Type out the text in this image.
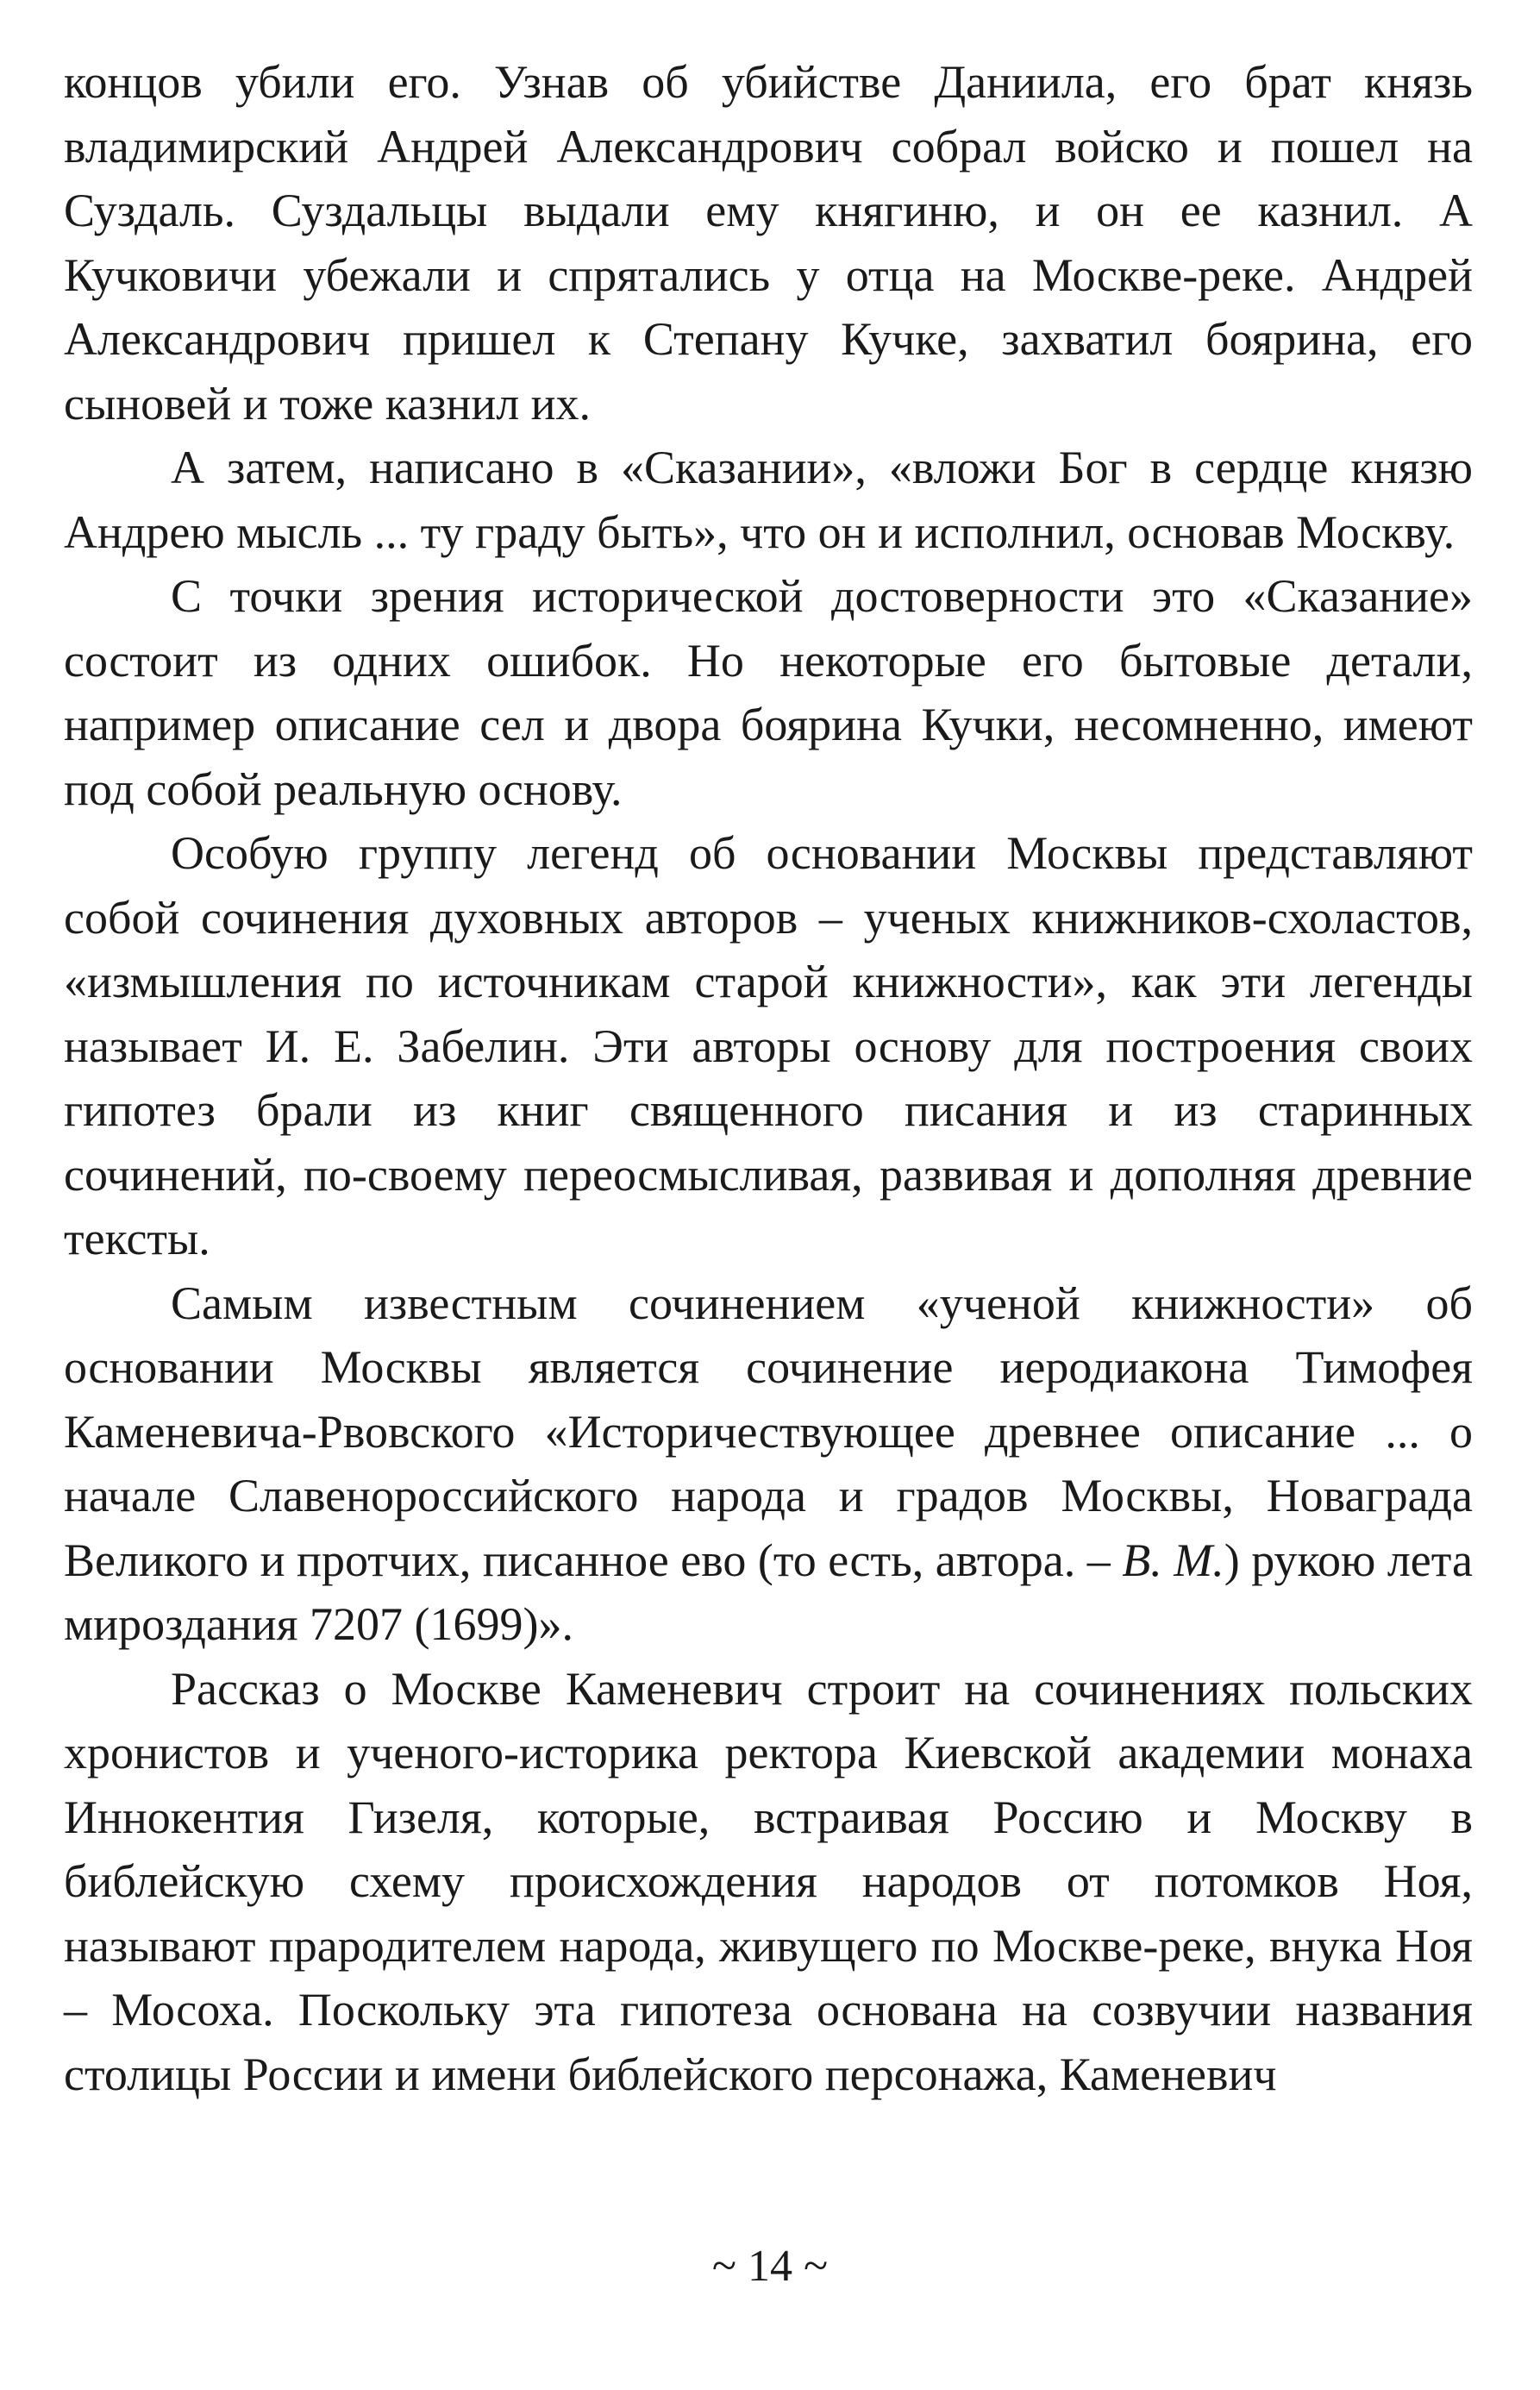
концов убили его. Узнав об убийстве Даниила, его брат князь владимирский Андрей Александрович собрал войско и пошел на Суздаль. Суздальцы выдали ему княгиню, и он ее казнил. А Кучковичи убежали и спрятались у отца на Москве-реке. Андрей Александрович пришел к Степану Кучке, захватил боярина, его сыновей и тоже казнил их.

А затем, написано в «Сказании», «вложи Бог в сердце князю Андрею мысль ... ту граду быть», что он и исполнил, основав Москву.

С точки зрения исторической достоверности это «Сказание» состоит из одних ошибок. Но некоторые его бытовые детали, например описание сел и двора боярина Кучки, несомненно, имеют под собой реальную основу.

Особую группу легенд об основании Москвы представляют собой сочинения духовных авторов – ученых книжников-схоластов, «измышления по источникам старой книжности», как эти легенды называет И. Е. Забелин. Эти авторы основу для построения своих гипотез брали из книг священного писания и из старинных сочинений, по-своему переосмысливая, развивая и дополняя древние тексты.

Самым известным сочинением «ученой книжности» об основании Москвы является сочинение иеродиакона Тимофея Каменевича-Рвовского «Историчествующее древнее описание ... о начале Славенороссийского народа и градов Москвы, Новаграда Великого и протчих, писанное ево (то есть, автора. – В. М.) рукою лета мироздания 7207 (1699)».

Рассказ о Москве Каменевич строит на сочинениях польских хронистов и ученого-историка ректора Киевской академии монаха Иннокентия Гизеля, которые, встраивая Россию и Москву в библейскую схему происхождения народов от потомков Ноя, называют прародителем народа, живущего по Москве-реке, внука Ноя – Мосоха. Поскольку эта гипотеза основана на созвучии названия столицы России и имени библейского персонажа, Каменевич

~ 14 ~
